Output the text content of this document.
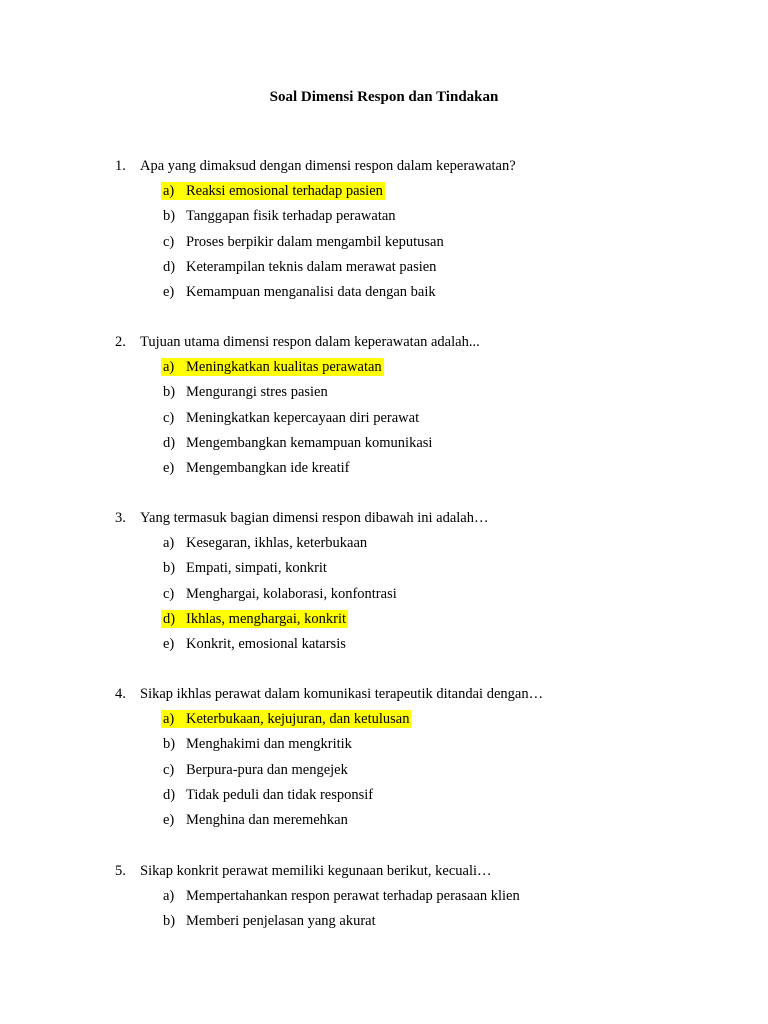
Soal Dimensi Respon dan Tindakan
1. Apa yang dimaksud dengan dimensi respon dalam keperawatan?
a) Reaksi emosional terhadap pasien
b) Tanggapan fisik terhadap perawatan
c) Proses berpikir dalam mengambil keputusan
d) Keterampilan teknis dalam merawat pasien
e) Kemampuan menganalisi data dengan baik
2. Tujuan utama dimensi respon dalam keperawatan adalah...
a) Meningkatkan kualitas perawatan
b) Mengurangi stres pasien
c) Meningkatkan kepercayaan diri perawat
d) Mengembangkan kemampuan komunikasi
e) Mengembangkan ide kreatif
3. Yang termasuk bagian dimensi respon dibawah ini adalah…
a) Kesegaran, ikhlas, keterbukaan
b) Empati, simpati, konkrit
c) Menghargai, kolaborasi, konfontrasi
d) Ikhlas, menghargai, konkrit
e) Konkrit, emosional katarsis
4. Sikap ikhlas perawat dalam komunikasi terapeutik ditandai dengan…
a) Keterbukaan, kejujuran, dan ketulusan
b) Menghakimi dan mengkritik
c) Berpura-pura dan mengejek
d) Tidak peduli dan tidak responsif
e) Menghina dan meremehkan
5. Sikap konkrit perawat memiliki kegunaan berikut, kecuali…
a) Mempertahankan respon perawat terhadap perasaan klien
b) Memberi penjelasan yang akurat
